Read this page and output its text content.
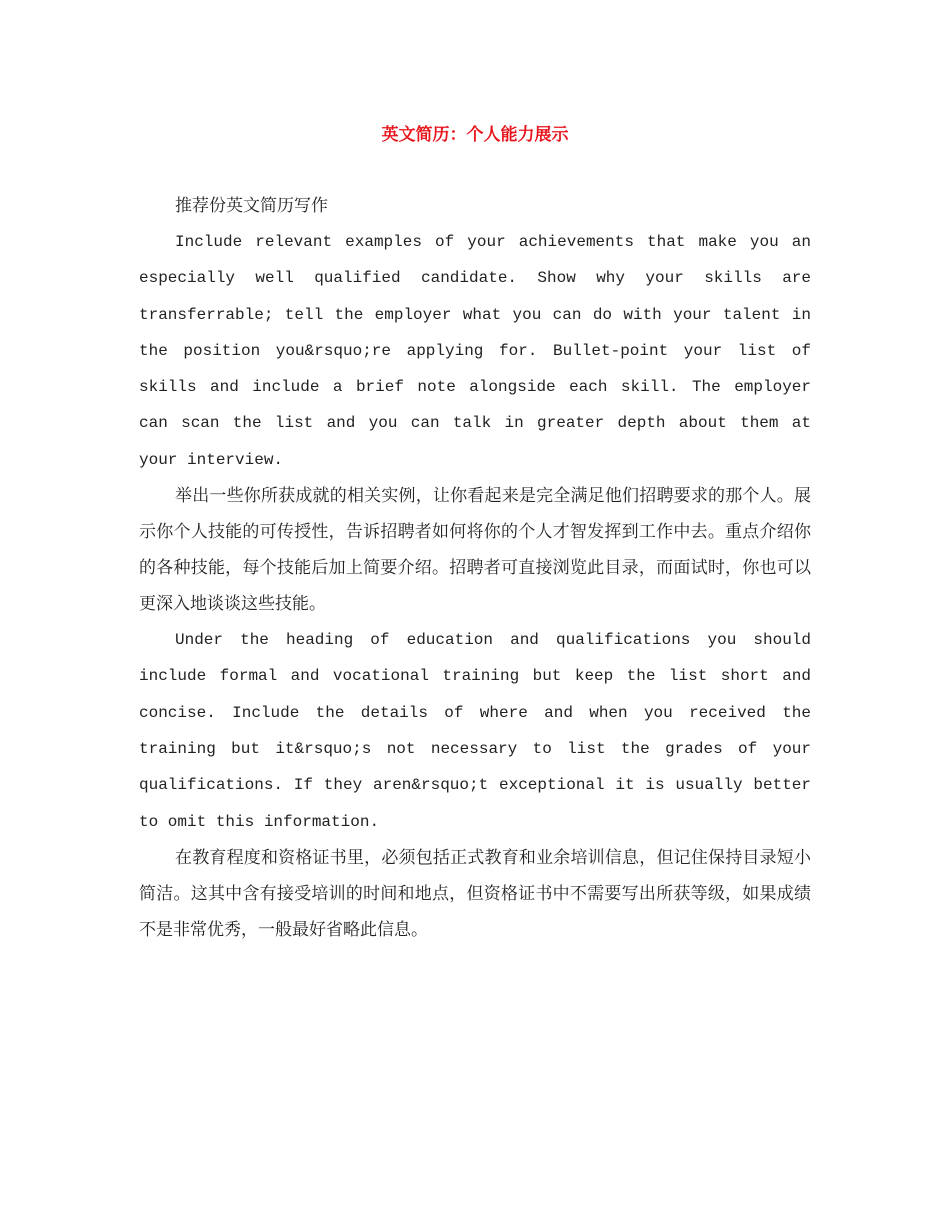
英文简历：个人能力展示

推荐份英文简历写作

Include relevant examples of your achievements that make you an especially well qualified candidate. Show why your skills are transferrable; tell the employer what you can do with your talent in the position you&rsquo;re applying for. Bullet-point your list of skills and include a brief note alongside each skill. The employer can scan the list and you can talk in greater depth about them at your interview.

举出一些你所获成就的相关实例，让你看起来是完全满足他们招聘要求的那个人。展示你个人技能的可传授性，告诉招聘者如何将你的个人才智发挥到工作中去。重点介绍你的各种技能，每个技能后加上简要介绍。招聘者可直接浏览此目录，而面试时，你也可以更深入地谈谈这些技能。

Under the heading of education and qualifications you should include formal and vocational training but keep the list short and concise. Include the details of where and when you received the training but it&rsquo;s not necessary to list the grades of your qualifications. If they aren&rsquo;t exceptional it is usually better to omit this information.

在教育程度和资格证书里，必须包括正式教育和业余培训信息，但记住保持目录短小简洁。这其中含有接受培训的时间和地点，但资格证书中不需要写出所获等级，如果成绩不是非常优秀，一般最好省略此信息。
